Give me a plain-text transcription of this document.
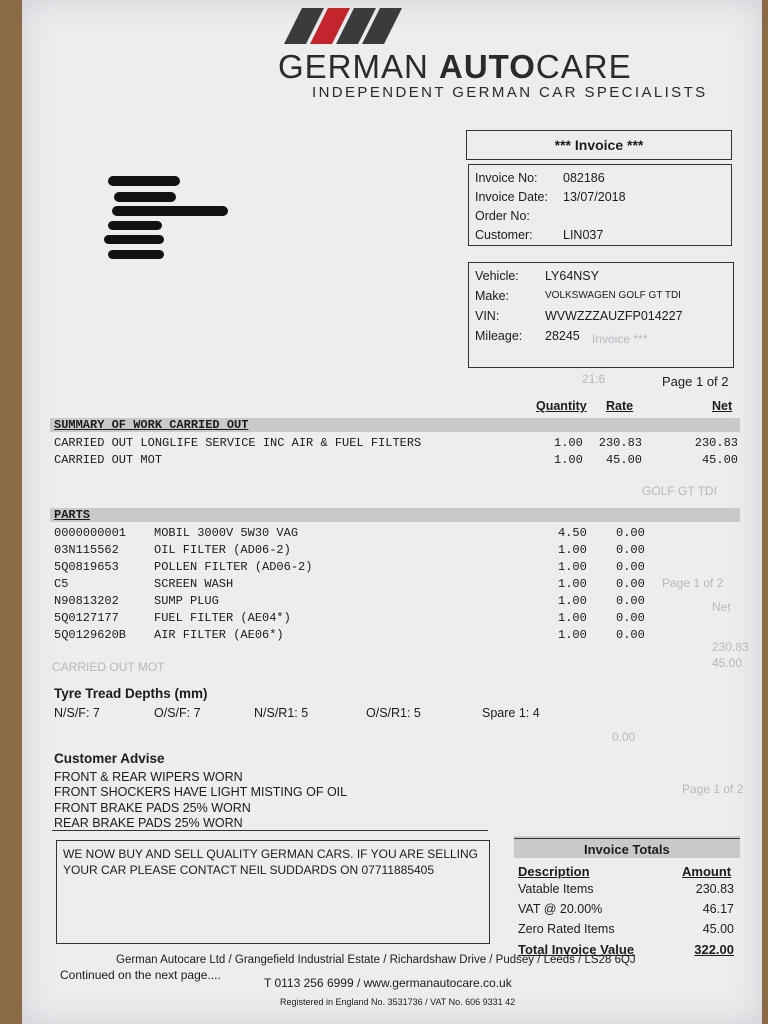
21:6
Invoice ***
GOLF GT TDI
Page 1 of 2
Net
230.83
45.00
CARRIED OUT MOT
0.00
Page 1 of 2
GERMAN AUTOCARE
INDEPENDENT GERMAN CAR SPECIALISTS
*** Invoice ***
Invoice No: 082186
Invoice Date: 13/07/2018
Order No:
Customer: LIN037
Vehicle: LY64NSY
Make:	VOLKSWAGEN GOLF GT TDI
VIN:	WVWZZZAUZFP014227
Mileage: 28245
Page 1 of 2
Quantity Rate	Net
SUMMARY OF WORK CARRIED OUT
CARRIED OUT LONGLIFE SERVICE INC AIR & FUEL FILTERS	1.00	230.83	230.83
CARRIED OUT MOT	1.00	45.00	45.00
PARTS
0000000001 MOBIL 3000V 5W30 VAG	4.50 0.00
03N115562	OIL FILTER (AD06-2)	1.00 0.00
5Q0819653	POLLEN FILTER (AD06-2)	1.00 0.00
C5	SCREEN WASH	1.00 0.00
N90813202	SUMP PLUG	1.00 0.00
5Q0127177	FUEL FILTER (AE04*)	1.00 0.00
5Q0129620B AIR FILTER (AE06*)	1.00 0.00
Tyre Tread Depths (mm)
N/S/F: 7	O/S/F: 7	N/S/R1: 5	O/S/R1: 5	Spare 1: 4
Customer Advise
FRONT & REAR WIPERS WORN
FRONT SHOCKERS HAVE LIGHT MISTING OF OIL
FRONT BRAKE PADS 25% WORN
REAR BRAKE PADS 25% WORN
WE NOW BUY AND SELL QUALITY GERMAN CARS. IF YOU ARE SELLING
YOUR CAR PLEASE CONTACT NEIL SUDDARDS ON 07711885405
Invoice Totals
Description	Amount
Vatable Items	230.83
VAT @ 20.00%	46.17
Zero Rated Items	45.00
Total Invoice Value	322.00
German Autocare Ltd / Grangefield Industrial Estate / Richardshaw Drive / Pudsey / Leeds / LS28 6QJ
Continued on the next page....
T 0113 256 6999 / www.germanautocare.co.uk
Registered in England No. 3531736 / VAT No. 606 9331 42
